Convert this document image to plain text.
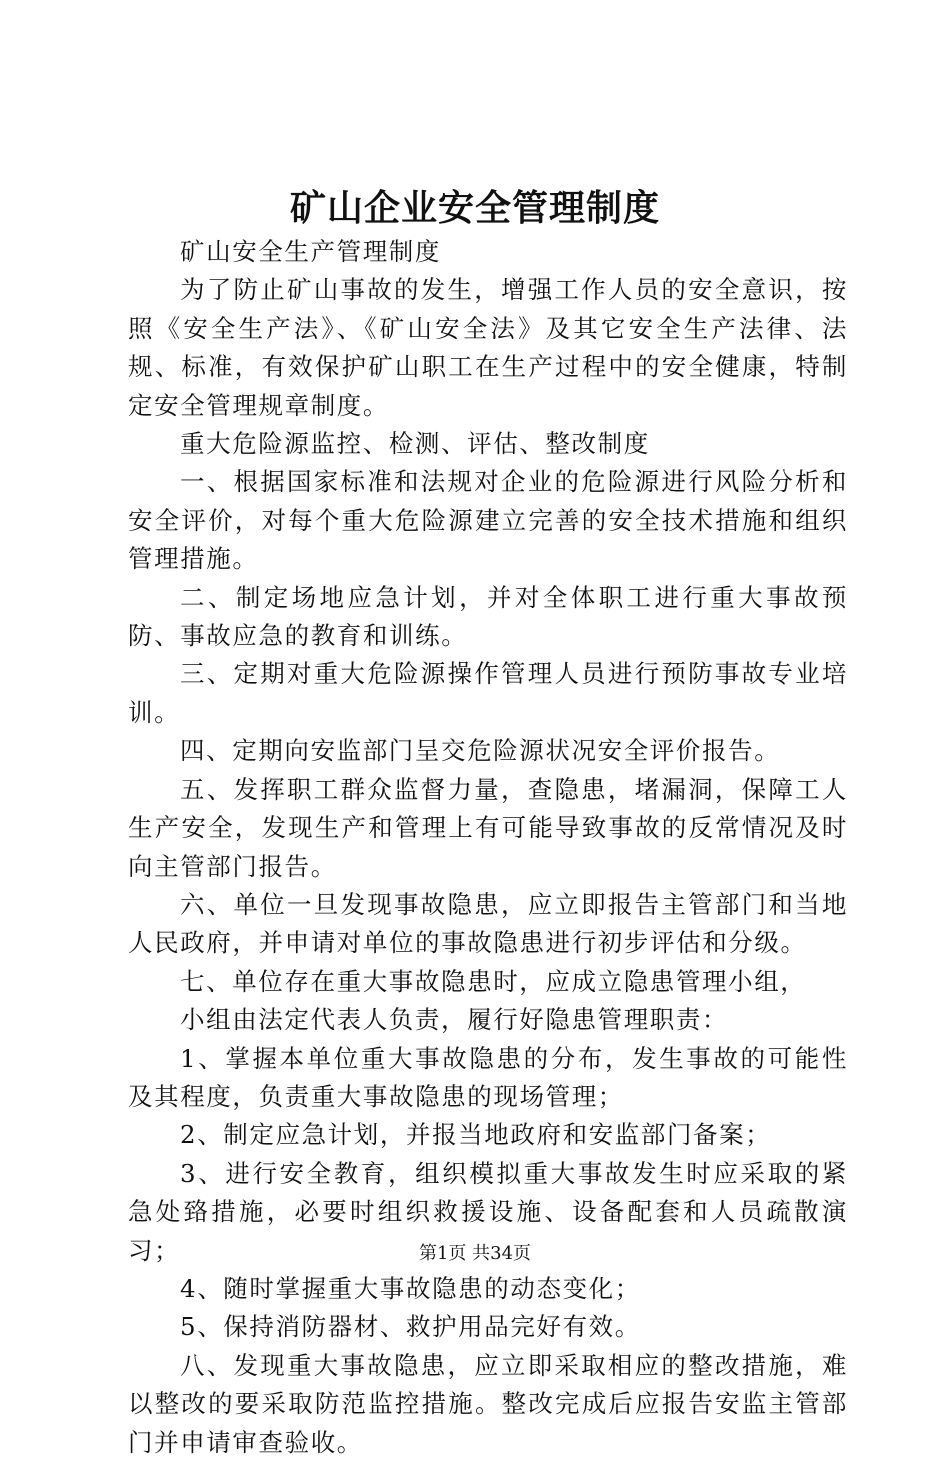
矿山企业安全管理制度

矿山安全生产管理制度

为了防止矿山事故的发生，增强工作人员的安全意识，按照《安全生产法》、《矿山安全法》及其它安全生产法律、法规、标准，有效保护矿山职工在生产过程中的安全健康，特制定安全管理规章制度。

重大危险源监控、检测、评估、整改制度

一、根据国家标准和法规对企业的危险源进行风险分析和安全评价，对每个重大危险源建立完善的安全技术措施和组织管理措施。

二、制定场地应急计划，并对全体职工进行重大事故预防、事故应急的教育和训练。

三、定期对重大危险源操作管理人员进行预防事故专业培训。

四、定期向安监部门呈交危险源状况安全评价报告。

五、发挥职工群众监督力量，查隐患，堵漏洞，保障工人生产安全，发现生产和管理上有可能导致事故的反常情况及时向主管部门报告。

六、单位一旦发现事故隐患，应立即报告主管部门和当地人民政府，并申请对单位的事故隐患进行初步评估和分级。

七、单位存在重大事故隐患时，应成立隐患管理小组，

小组由法定代表人负责，履行好隐患管理职责：

1、掌握本单位重大事故隐患的分布，发生事故的可能性及其程度，负责重大事故隐患的现场管理；

2、制定应急计划，并报当地政府和安监部门备案；

3、进行安全教育，组织模拟重大事故发生时应采取的紧急处臵措施，必要时组织救援设施、设备配套和人员疏散演习；

4、随时掌握重大事故隐患的动态变化；

5、保持消防器材、救护用品完好有效。

八、发现重大事故隐患，应立即采取相应的整改措施，难以整改的要采取防范监控措施。整改完成后应报告安监主管部门并申请审查验收。

第1页 共34页
